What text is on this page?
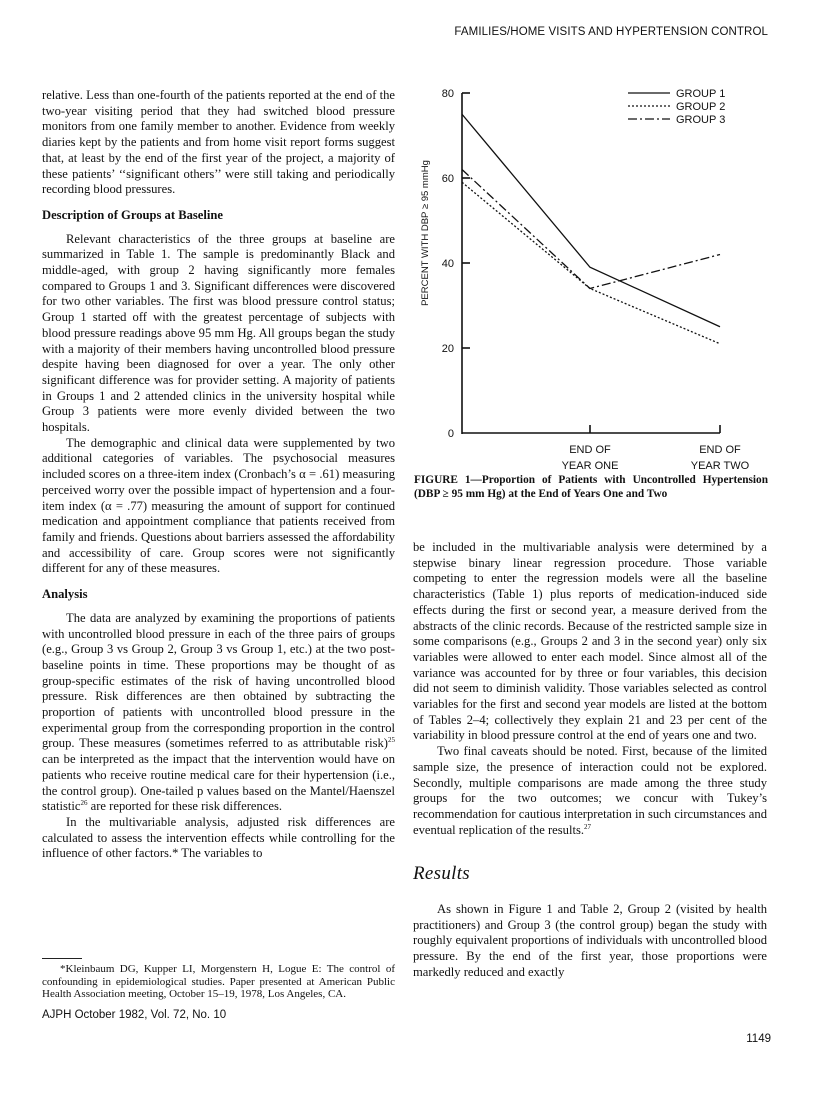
FAMILIES/HOME VISITS AND HYPERTENSION CONTROL

relative. Less than one-fourth of the patients reported at the end of the two-year visiting period that they had switched blood pressure monitors from one family member to another. Evidence from weekly diaries kept by the patients and from home visit report forms suggest that, at least by the end of the first year of the project, a majority of these patients’ ‘‘significant others’’ were still taking and periodically recording blood pressures.

Description of Groups at Baseline

Relevant characteristics of the three groups at baseline are summarized in Table 1. The sample is predominantly Black and middle-aged, with group 2 having significantly more females compared to Groups 1 and 3. Significant differences were discovered for two other variables. The first was blood pressure control status; Group 1 started off with the greatest percentage of subjects with blood pressure readings above 95 mm Hg. All groups began the study with a majority of their members having uncontrolled blood pressure despite having been diagnosed for over a year. The only other significant difference was for provider setting. A majority of patients in Groups 1 and 2 attended clinics in the university hospital while Group 3 patients were more evenly divided between the two hospitals.

The demographic and clinical data were supplemented by two additional categories of variables. The psychosocial measures included scores on a three-item index (Cronbach’s α = .61) measuring perceived worry over the possible impact of hypertension and a four-item index (α = .77) measuring the amount of support for continued medication and appointment compliance that patients received from family and friends. Questions about barriers assessed the affordability and accessibility of care. Group scores were not significantly different for any of these measures.

Analysis

The data are analyzed by examining the proportions of patients with uncontrolled blood pressure in each of the three pairs of groups (e.g., Group 3 vs Group 2, Group 3 vs Group 1, etc.) at the two post-baseline points in time. These proportions may be thought of as group-specific estimates of the risk of having uncontrolled blood pressure. Risk differences are then obtained by subtracting the proportion of patients with uncontrolled blood pressure in the experimental group from the corresponding proportion in the control group. These measures (sometimes referred to as attributable risk)$^{25}$ can be interpreted as the impact that the intervention would have on patients who receive routine medical care for their hypertension (i.e., the control group). One-tailed p values based on the Mantel/Haenszel statistic$^{26}$ are reported for these risk differences.

In the multivariable analysis, adjusted risk differences are calculated to assess the intervention effects while controlling for the influence of other factors.* The variables to

*Kleinbaum DG, Kupper LI, Morgenstern H, Logue E: The control of confounding in epidemiological studies. Paper presented at American Public Health Association meeting, October 15–19, 1978, Los Angeles, CA.
AJPH October 1982, Vol. 72, No. 10
1149
0
20
40
60
80
END OF
YEAR ONE
END OF
YEAR TWO
PERCENT WITH DBP ≥ 95 mmHg
GROUP 1
GROUP 2
GROUP 3
FIGURE 1—Proportion of Patients with Uncontrolled Hypertension (DBP ≥ 95 mm Hg) at the End of Years One and Two

be included in the multivariable analysis were determined by a stepwise binary linear regression procedure. Those variable competing to enter the regression models were all the baseline characteristics (Table 1) plus reports of medication-induced side effects during the first or second year, a measure derived from the abstracts of the clinic records. Because of the restricted sample size in some comparisons (e.g., Groups 2 and 3 in the second year) only six variables were allowed to enter each model. Since almost all of the variance was accounted for by three or four variables, this decision did not seem to diminish validity. Those variables selected as control variables for the first and second year models are listed at the bottom of Tables 2–4; collectively they explain 21 and 23 per cent of the variability in blood pressure control at the end of years one and two.

Two final caveats should be noted. First, because of the limited sample size, the presence of interaction could not be explored. Secondly, multiple comparisons are made among the three study groups for the two outcomes; we concur with Tukey’s recommendation for cautious interpretation in such circumstances and eventual replication of the results.$^{27}$

Results

As shown in Figure 1 and Table 2, Group 2 (visited by health practitioners) and Group 3 (the control group) began the study with roughly equivalent proportions of individuals with uncontrolled blood pressure. By the end of the first year, those proportions were markedly reduced and exactly
